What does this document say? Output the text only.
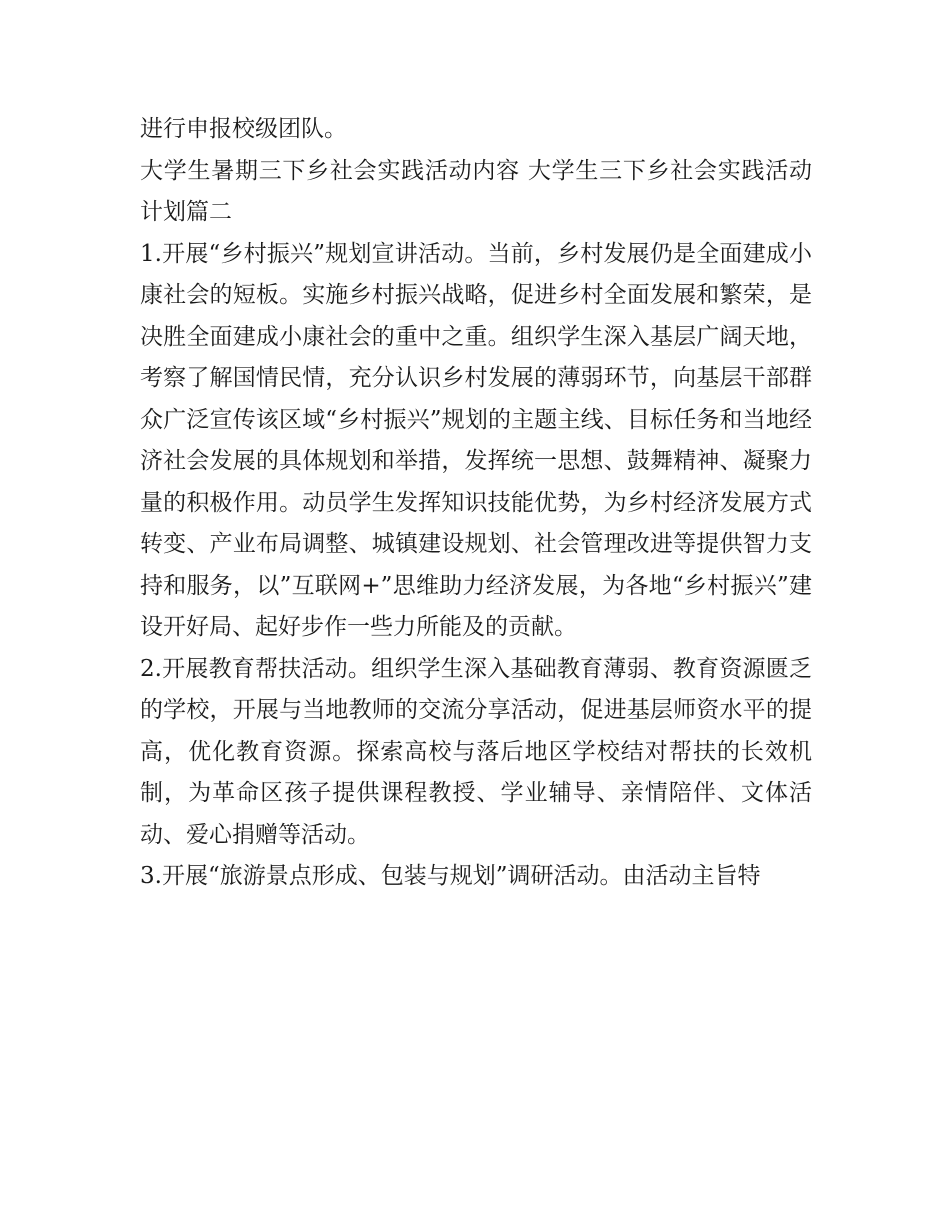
进行申报校级团队。

大学生暑期三下乡社会实践活动内容 大学生三下乡社会实践活动计划篇二

1.开展“乡村振兴”规划宣讲活动。当前，乡村发展仍是全面建成小康社会的短板。实施乡村振兴战略，促进乡村全面发展和繁荣，是决胜全面建成小康社会的重中之重。组织学生深入基层广阔天地，考察了解国情民情，充分认识乡村发展的薄弱环节，向基层干部群众广泛宣传该区域“乡村振兴”规划的主题主线、目标任务和当地经济社会发展的具体规划和举措，发挥统一思想、鼓舞精神、凝聚力量的积极作用。动员学生发挥知识技能优势，为乡村经济发展方式转变、产业布局调整、城镇建设规划、社会管理改进等提供智力支持和服务，以”互联网+”思维助力经济发展，为各地“乡村振兴”建设开好局、起好步作一些力所能及的贡献。

2.开展教育帮扶活动。组织学生深入基础教育薄弱、教育资源匮乏的学校，开展与当地教师的交流分享活动，促进基层师资水平的提高，优化教育资源。探索高校与落后地区学校结对帮扶的长效机制，为革命区孩子提供课程教授、学业辅导、亲情陪伴、文体活动、爱心捐赠等活动。

3.开展“旅游景点形成、包装与规划”调研活动。由活动主旨特
